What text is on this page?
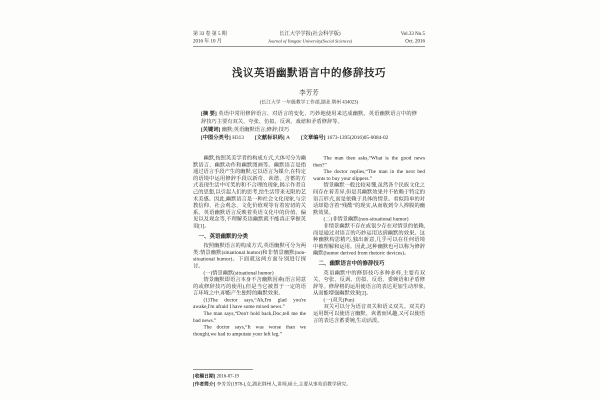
第 33 卷 第 5 期
2016 年 10 月
长江大学学报(社会科学版)
Journal of Yangtze University(Social Sciences)
Vol.33 No.5
Oct. 2016
浅议英语幽默语言中的修辞技巧
李芳芳
(长江大学 一年级教学工作部,湖北 荆州 434023)

[摘 要] 英语中常用修辞语言、对语言的变化、巧妙地使用来达成幽默。英语幽默语言中的修辞技巧主要有双关、夸张、仿拟、反讽、戏谑和矛盾修辞等。

[关键词] 幽默;英语幽默语言;修辞;技巧

[中图分类号] H313 [文献标识码] A [文章编号] 1673-1395(2016)05-0084-02

幽默,按照英美学者的构成方式,大体可分为幽默语言、幽默动作和幽默图画等。幽默语言是指通过语言手段产生的幽默,它以语言为媒介,在特定的语境中运用修辞手段以新奇、诙谐、含蓄的方式表现生活中可笑的和不合理的现象,揭示作者自己的思想,以引起人们的思考,给生活带来无限的艺术美感。因此,幽默语言是一种社会文化现象,与宗教信仰、社会观念、文化价值观等有着密切的关系。英语幽默语言反映着英语文化中的价值、偏见以及观念等,不理解英语幽默就不能真正掌握英语[1]。

一、英语幽默的分类

按照幽默语言的构成方式,英语幽默可分为两类:情景幽默(situational humor)和非情景幽默(non-situational humor)。下面就这两方面分别进行探讨。

(一)情景幽默(situational humor)

情景幽默即语言本身不含幽默因素(语言同意的或修辞技巧的使用),但是当它被置于一定的语言环境之中,却能产生独特的幽默效果。

(1)The doctor says,“Ah,I'm glad you're awake,I'm afraid I have some mixed news.”

The man says,“Don't hold back,Doc,tell me the bad news.”

The doctor says,“It was worse than we thought,we had to amputate your left leg.”

The man then asks,“What is the good news then?”

The doctor replies,“The man in the next bed wants to buy your slippers.”

情景幽默一般比较易懂,虽然各个民族文化之间存在着差异,但是其幽默效果并不依赖于特定的语言形式,而是依赖于具体的情景。看似简单的对话却隐含着“残酷”的现实,从而收到令人捧腹的幽默效果。

(二)非情景幽默(non-situational humor)

非情景幽默不存在或很少存在对情景的依赖,而是通过对语言的巧妙运用达到幽默的效果。这种幽默构思精巧,独出新意,几乎可以在任何语境中被理解和运用。因此,这种幽默也可以称为修辞幽默(humor derived from rhetoric devices)。

二、幽默语言中的修辞技巧

英语幽默中的修辞技巧多种多样,主要有双关、夸张、反讽、仿拟、反语、委婉语和矛盾修辞等。修辞格的运用使语言的表达更加生动形象,从而能增强幽默效果[2]。

(一)双关(Pun)

双关可以分为语音双关和语义双关。双关的运用既可以使语言幽默、诙谐而风趣,又可以使语言的表达含蓄委婉,生动活泼。

[收稿日期] 2016-07-19

[作者简介] 李芳芳(1978-),女,湖北荆州人,讲师,硕士,主要从事英语教学研究。
